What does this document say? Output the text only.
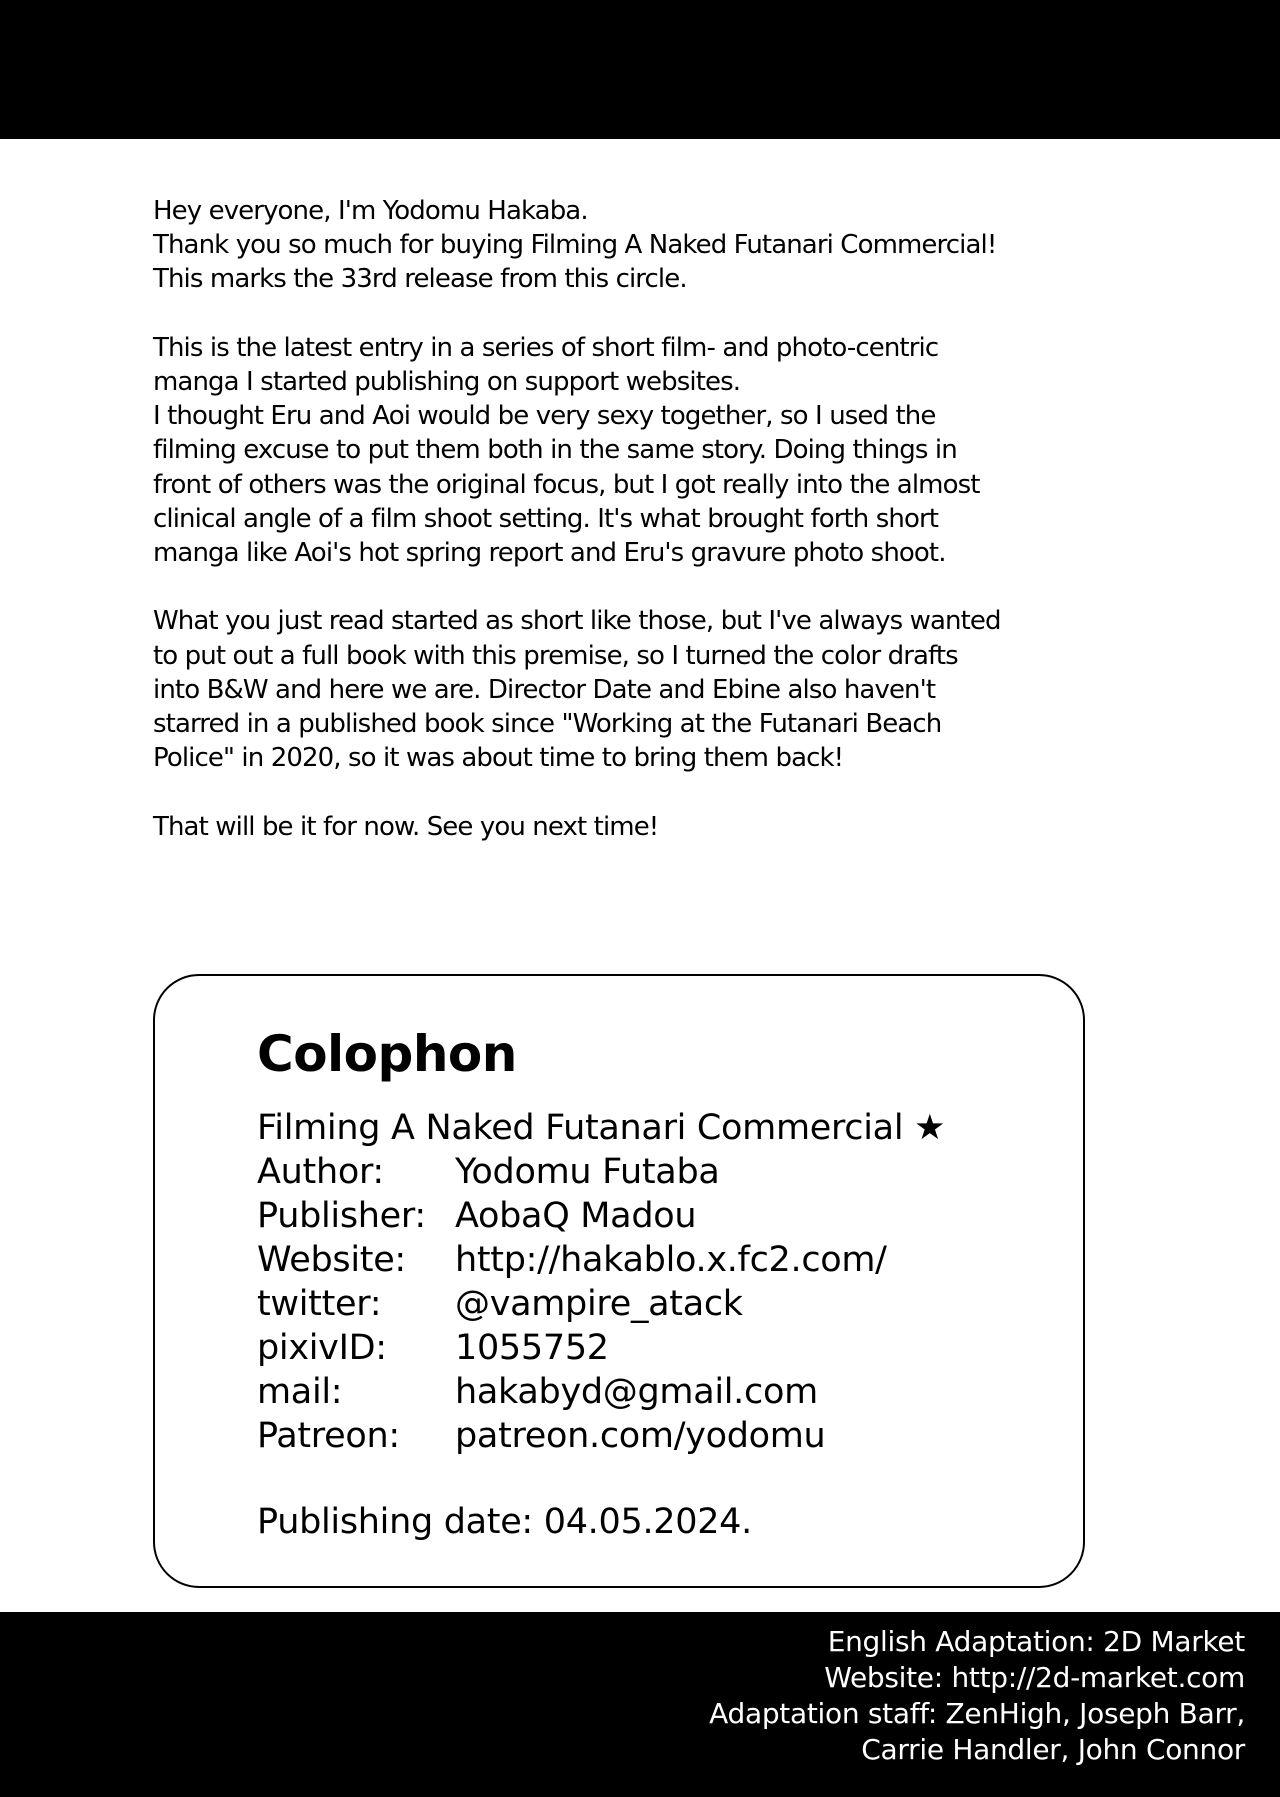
Hey everyone, I'm Yodomu Hakaba.
Thank you so much for buying Filming A Naked Futanari Commercial!
This marks the 33rd release from this circle.

This is the latest entry in a series of short film- and photo-centric
manga I started publishing on support websites.
I thought Eru and Aoi would be very sexy together, so I used the
filming excuse to put them both in the same story. Doing things in
front of others was the original focus, but I got really into the almost
clinical angle of a film shoot setting. It's what brought forth short
manga like Aoi's hot spring report and Eru's gravure photo shoot.

What you just read started as short like those, but I've always wanted
to put out a full book with this premise, so I turned the color drafts
into B&W and here we are. Director Date and Ebine also haven't
starred in a published book since "Working at the Futanari Beach
Police" in 2020, so it was about time to bring them back!

That will be it for now. See you next time!

Colophon
Filming A Naked Futanari Commercial ★
Author:	Yodomu Futaba
Publisher: AobaQ Madou
Website:	http://hakablo.x.fc2.com/
twitter:	@vampire_atack
pixivID:	1055752
mail:	hakabyd@gmail.com
Patreon:	patreon.com/yodomu
Publishing date: 04.05.2024.
English Adaptation: 2D Market
Website: http://2d-market.com
Adaptation staff: ZenHigh, Joseph Barr,
Carrie Handler, John Connor
